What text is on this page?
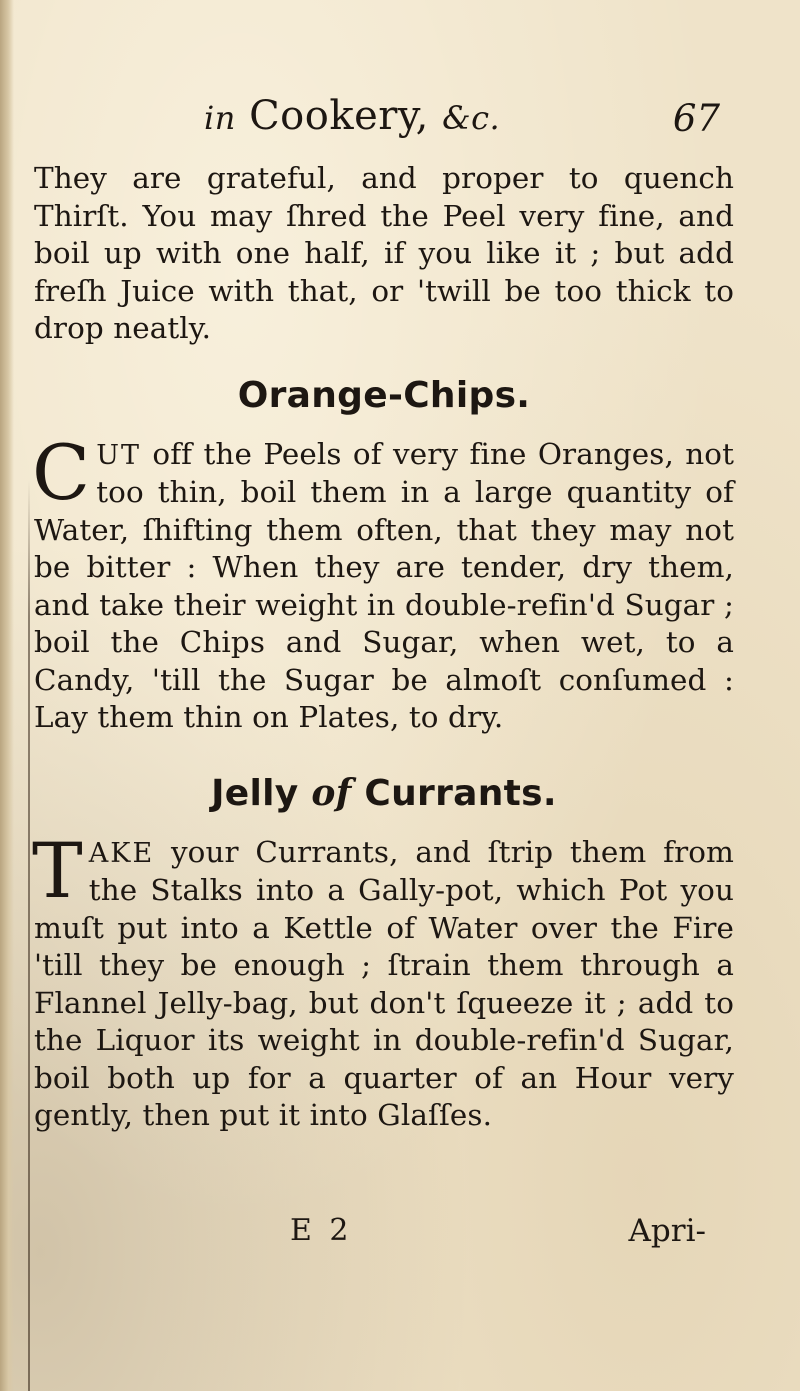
in Cookery, &c.	67

They are grateful, and proper to quench Thirſt. You may ſhred the Peel very fine, and boil up with one half, if you like it ; but add freſh Juice with that, or 'twill be too thick to drop neatly.

Orange-Chips.

CUT off the Peels of very fine Oranges, not too thin, boil them in a large quantity of Water, ſhifting them often, that they may not be bitter : When they are tender, dry them, and take their weight in double-refin'd Sugar ; boil the Chips and Sugar, when wet, to a Candy, 'till the Sugar be almoſt conſumed : Lay them thin on Plates, to dry.

Jelly of Currants.

TAKE your Currants, and ſtrip them from the Stalks into a Gally-pot, which Pot you muſt put into a Kettle of Water over the Fire 'till they be enough ; ſtrain them through a Flannel Jelly-bag, but don't ſqueeze it ; add to the Liquor its weight in double-refin'd Sugar, boil both up for a quarter of an Hour very gently, then put it into Glaſſes.

E 2	Apri-
